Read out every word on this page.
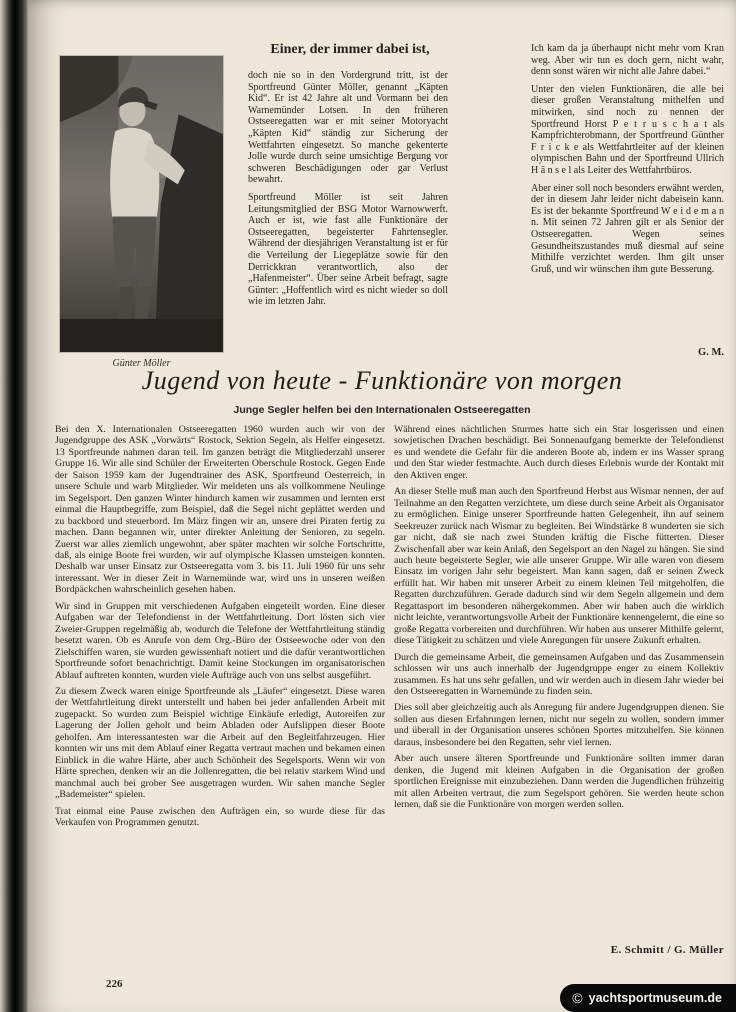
Günter Möller
Einer, der immer dabei ist,

doch nie so in den Vordergrund tritt, ist der Sportfreund Günter Möller, genannt „Käpten Kid“. Er ist 42 Jahre alt und Vormann bei den Warnemünder Lotsen. In den früheren Ostseeregatten war er mit seiner Motoryacht „Käpten Kid“ ständig zur Sicherung der Wettfahrten eingesetzt. So manche gekenterte Jolle wurde durch seine umsichtige Bergung vor schweren Beschädigungen oder gar Verlust bewahrt.

Sportfreund Möller ist seit Jahren Leitungsmitglied der BSG Motor Warnowwerft. Auch er ist, wie fast alle Funktionäre der Ostseeregatten, begeisterter Fahrtensegler. Während der diesjährigen Veranstaltung ist er für die Verteilung der Liegeplätze sowie für den Derrickkran verantwortlich, also der „Hafenmeister“. Über seine Arbeit befragt, sagte Günter: „Hoffentlich wird es nicht wieder so doll wie im letzten Jahr.

Ich kam da ja überhaupt nicht mehr vom Kran weg. Aber wir tun es doch gern, nicht wahr, denn sonst wären wir nicht alle Jahre dabei.“

Unter den vielen Funktionären, die alle bei dieser großen Veranstaltung mithelfen und mitwirken, sind noch zu nennen der Sportfreund Horst P e t r u s c h a t als Kampfrichterobmann, der Sportfreund Günther F r i c k e als Wettfahrtleiter auf der kleinen olympischen Bahn und der Sportfreund Ullrich H ä n s e l als Leiter des Wettfahrtbüros.

Aber einer soll noch besonders erwähnt werden, der in diesem Jahr leider nicht dabeisein kann. Es ist der bekannte Sportfreund W e i d e m a n n. Mit seinen 72 Jahren gilt er als Senior der Ostseeregatten. Wegen seines Gesundheitszustandes muß diesmal auf seine Mithilfe verzichtet werden. Ihm gilt unser Gruß, und wir wünschen ihm gute Besserung.

G. M.
Jugend von heute - Funktionäre von morgen
Junge Segler helfen bei den Internationalen Ostseeregatten

Bei den X. Internationalen Ostseeregatten 1960 wurden auch wir von der Jugendgruppe des ASK „Vorwärts“ Rostock, Sektion Segeln, als Helfer eingesetzt. 13 Sportfreunde nahmen daran teil. Im ganzen beträgt die Mitgliederzahl unserer Gruppe 16. Wir alle sind Schüler der Erweiterten Oberschule Rostock. Gegen Ende der Saison 1959 kam der Jugendtrainer des ASK, Sportfreund Oesterreich, in unsere Schule und warb Mitglieder. Wir meldeten uns als vollkommene Neulinge im Segelsport. Den ganzen Winter hindurch kamen wir zusammen und lernten erst einmal die Hauptbegriffe, zum Beispiel, daß die Segel nicht geplättet werden und zu backbord und steuerbord. Im März fingen wir an, unsere drei Piraten fertig zu machen. Dann begannen wir, unter direkter Anleitung der Senioren, zu segeln. Zuerst war alles ziemlich ungewohnt, aber später machten wir solche Fortschritte, daß, als einige Boote frei wurden, wir auf olympische Klassen umsteigen konnten. Deshalb war unser Einsatz zur Ostseeregatta vom 3. bis 11. Juli 1960 für uns sehr interessant. Wer in dieser Zeit in Warnemünde war, wird uns in unseren weißen Bordpäckchen wahrscheinlich gesehen haben.

Wir sind in Gruppen mit verschiedenen Aufgaben eingeteilt worden. Eine dieser Aufgaben war der Telefondienst in der Wettfahrtleitung. Dort lösten sich vier Zweier-Gruppen regelmäßig ab, wodurch die Telefone der Wettfahrtleitung ständig besetzt waren. Ob es Anrufe von dem Org.-Büro der Ostseewoche oder von den Zielschiffen waren, sie wurden gewissenhaft notiert und die dafür verantwortlichen Sportfreunde sofort benachrichtigt. Damit keine Stockungen im organisatorischen Ablauf auftreten konnten, wurden viele Aufträge auch von uns selbst ausgeführt.

Zu diesem Zweck waren einige Sportfreunde als „Läufer“ eingesetzt. Diese waren der Wettfahrtleitung direkt unterstellt und haben bei jeder anfallenden Arbeit mit zugepackt. So wurden zum Beispiel wichtige Einkäufe erledigt, Autoreifen zur Lagerung der Jollen geholt und beim Abladen oder Aufslippen dieser Boote geholfen. Am interessantesten war die Arbeit auf den Begleitfahrzeugen. Hier konnten wir uns mit dem Ablauf einer Regatta vertraut machen und bekamen einen Einblick in die wahre Härte, aber auch Schönheit des Segelsports. Wenn wir von Härte sprechen, denken wir an die Jollenregatten, die bei relativ starkem Wind und manchmal auch bei grober See ausgetragen wurden. Wir sahen manche Segler „Bademeister“ spielen.

Trat einmal eine Pause zwischen den Aufträgen ein, so wurde diese für das Verkaufen von Programmen genutzt.

Während eines nächtlichen Sturmes hatte sich ein Star losgerissen und einen sowjetischen Drachen beschädigt. Bei Sonnenaufgang bemerkte der Telefondienst es und wendete die Gefahr für die anderen Boote ab, indem er ins Wasser sprang und den Star wieder festmachte. Auch durch dieses Erlebnis wurde der Kontakt mit den Aktiven enger.

An dieser Stelle muß man auch den Sportfreund Herbst aus Wismar nennen, der auf Teilnahme an den Regatten verzichtete, um diese durch seine Arbeit als Organisator zu ermöglichen. Einige unserer Sportfreunde hatten Gelegenheit, ihn auf seinem Seekreuzer zurück nach Wismar zu begleiten. Bei Windstärke 8 wunderten sie sich gar nicht, daß sie nach zwei Stunden kräftig die Fische fütterten. Dieser Zwischenfall aber war kein Anlaß, den Segelsport an den Nagel zu hängen. Sie sind auch heute begeisterte Segler, wie alle unserer Gruppe. Wir alle waren von diesem Einsatz im vorigen Jahr sehr begeistert. Man kann sagen, daß er seinen Zweck erfüllt hat. Wir haben mit unserer Arbeit zu einem kleinen Teil mitgeholfen, die Regatten durchzuführen. Gerade dadurch sind wir dem Segeln allgemein und dem Regattasport im besonderen nähergekommen. Aber wir haben auch die wirklich nicht leichte, verantwortungsvolle Arbeit der Funktionäre kennengelernt, die eine so große Regatta vorbereiten und durchführen. Wir haben aus unserer Mithilfe gelernt, diese Tätigkeit zu schätzen und viele Anregungen für unsere Zukunft erhalten.

Durch die gemeinsame Arbeit, die gemeinsamen Aufgaben und das Zusammensein schlossen wir uns auch innerhalb der Jugendgruppe enger zu einem Kollektiv zusammen. Es hat uns sehr gefallen, und wir werden auch in diesem Jahr wieder bei den Ostseeregatten in Warnemünde zu finden sein.

Dies soll aber gleichzeitig auch als Anregung für andere Jugendgruppen dienen. Sie sollen aus diesen Erfahrungen lernen, nicht nur segeln zu wollen, sondern immer und überall in der Organisation unseres schönen Sportes mitzuhelfen. Sie können daraus, insbesondere bei den Regatten, sehr viel lernen.

Aber auch unsere älteren Sportfreunde und Funktionäre sollten immer daran denken, die Jugend mit kleinen Aufgaben in die Organisation der großen sportlichen Ereignisse mit einzubeziehen. Dann werden die Jugendlichen frühzeitig mit allen Arbeiten vertraut, die zum Segelsport gehören. Sie werden heute schon lernen, daß sie die Funktionäre von morgen werden sollen.

E. Schmitt / G. Müller
226
© yachtsportmuseum.de
